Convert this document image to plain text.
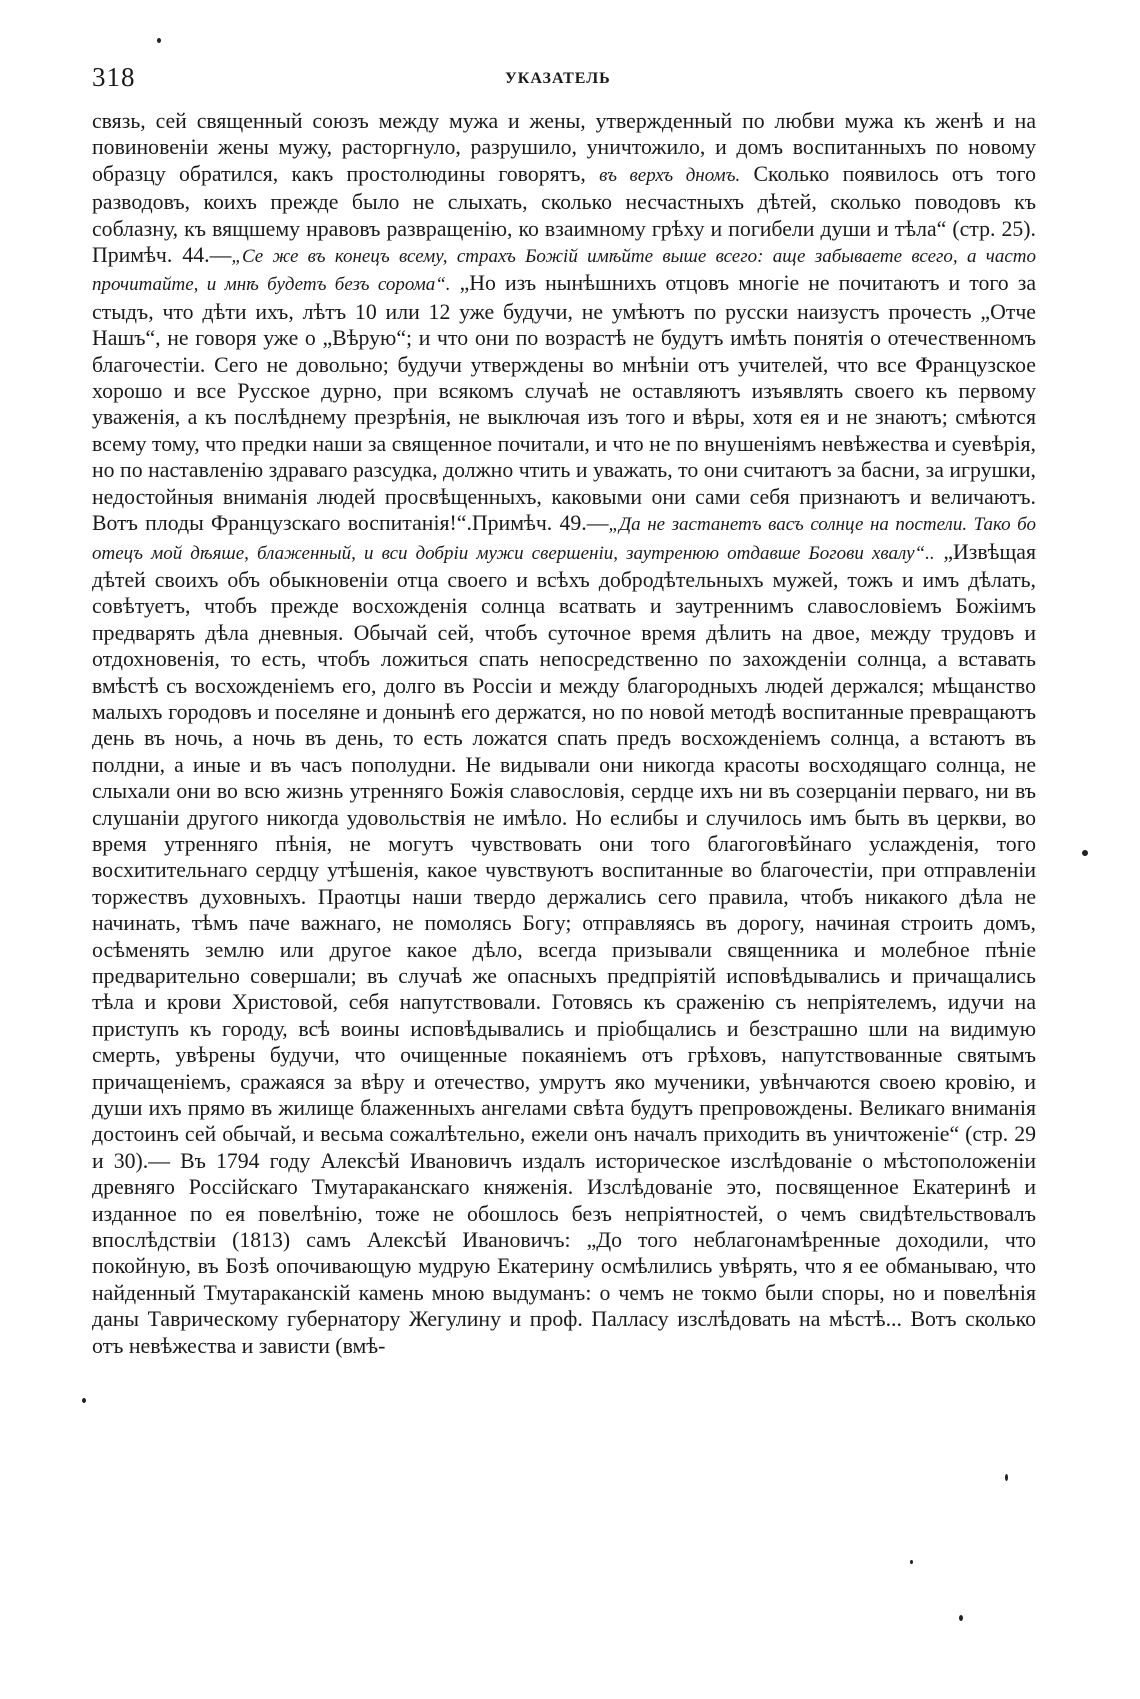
318	УКАЗАТЕЛЬ

связь, сей священный союзъ между мужа и жены, утвержденный по любви мужа къ женѣ и на повиновеніи жены мужу, расторгнуло, разрушило, уничтожило, и домъ воспитанныхъ по новому образцу обратился, какъ простолюдины говорятъ, въ верхъ дномъ. Сколько появилось отъ того разводовъ, коихъ прежде было не слыхать, сколько несчастныхъ дѣтей, сколько поводовъ къ соблазну, къ вящшему нравовъ развращенію, ко взаимному грѣху и погибели души и тѣла“ (стр. 25). Примѣч. 44.—„Се же въ конецъ всему, страхъ Божій имѣйте выше всего: аще забываете всего, а часто прочитайте, и мнѣ будетъ безъ сорома“. „Но изъ нынѣшнихъ отцовъ многіе не почитаютъ и того за стыдъ, что дѣти ихъ, лѣтъ 10 или 12 уже будучи, не умѣютъ по русски наизустъ прочесть „Отче Нашъ“, не говоря уже о „Вѣрую“; и что они по возрастѣ не будутъ имѣть понятія о отечественномъ благочестіи. Сего не довольно; будучи утверждены во мнѣніи отъ учителей, что все Французское хорошо и все Русское дурно, при всякомъ случаѣ не оставляютъ изъявлять своего къ первому уваженія, а къ послѣднему презрѣнія, не выключая изъ того и вѣры, хотя ея и не знаютъ; смѣются всему тому, что предки наши за священное почитали, и что не по внушеніямъ невѣжества и суевѣрія, но по наставленію здраваго разсудка, должно чтить и уважать, то они считаютъ за басни, за игрушки, недостойныя вниманія людей просвѣщенныхъ, каковыми они сами себя признаютъ и величаютъ. Вотъ плоды Французскаго воспитанія!“.Примѣч. 49.—„Да не застанетъ васъ солнце на постели. Тако бо отецъ мой дѣяше, блаженный, и вси добріи мужи свершеніи, заутренюю отдавше Богови хвалу“.. „Извѣщая дѣтей своихъ объ обыкновеніи отца своего и всѣхъ добродѣтельныхъ мужей, тожъ и имъ дѣлать, совѣтуетъ, чтобъ прежде восхожденія солнца всатвать и заутреннимъ славословіемъ Божіимъ предварять дѣла дневныя. Обычай сей, чтобъ суточное время дѣлить на двое, между трудовъ и отдохновенія, то есть, чтобъ ложиться спать непосредственно по захожденіи солнца, а вставать вмѣстѣ съ восхожденіемъ его, долго въ Россіи и между благородныхъ людей держался; мѣщанство малыхъ городовъ и поселяне и донынѣ его держатся, но по новой методѣ воспитанные превращаютъ день въ ночь, а ночь въ день, то есть ложатся спать предъ восхожденіемъ солнца, а встаютъ въ полдни, а иные и въ часъ пополудни. Не видывали они никогда красоты восходящаго солнца, не слыхали они во всю жизнь утренняго Божія славословія, сердце ихъ ни въ созерцаніи перваго, ни въ слушаніи другого никогда удовольствія не имѣло. Но еслибы и случилось имъ быть въ церкви, во время утренняго пѣнія, не могутъ чувствовать они того благоговѣйнаго услажденія, того восхитительнаго сердцу утѣшенія, какое чувствуютъ воспитанные во благочестіи, при отправленіи торжествъ духовныхъ. Праотцы наши твердо держались сего правила, чтобъ никакого дѣла не начинать, тѣмъ паче важнаго, не помолясь Богу; отправляясь въ дорогу, начиная строить домъ, осѣменять землю или другое какое дѣло, всегда призывали священника и молебное пѣніе предварительно совершали; въ случаѣ же опасныхъ предпріятій исповѣдывались и причащались тѣла и крови Христовой, себя напутствовали. Готовясь къ сраженію съ непріятелемъ, идучи на приступъ къ городу, всѣ воины исповѣдывались и пріобщались и безстрашно шли на видимую смерть, увѣрены будучи, что очищенные покаяніемъ отъ грѣховъ, напутствованные святымъ причащеніемъ, сражаяся за вѣру и отечество, умрутъ яко мученики, увѣнчаются своею кровію, и души ихъ прямо въ жилище блаженныхъ ангелами свѣта будутъ препровождены. Великаго вниманія достоинъ сей обычай, и весьма сожалѣтельно, ежели онъ началъ приходить въ уничтоженіе“ (стр. 29 и 30).— Въ 1794 году Алексѣй Ивановичъ издалъ историческое изслѣдованіе о мѣстоположеніи древняго Россійскаго Тмутараканскаго княженія. Изслѣдованіе это, посвященное Екатеринѣ и изданное по ея повелѣнію, тоже не обошлось безъ непріятностей, о чемъ свидѣтельствовалъ впослѣдствіи (1813) самъ Алексѣй Ивановичъ: „До того неблагонамѣренные доходили, что покойную, въ Бозѣ опочивающую мудрую Екатерину осмѣлились увѣрять, что я ее обманываю, что найденный Тмутараканскій камень мною выдуманъ: о чемъ не токмо были споры, но и повелѣнія даны Таврическому губернатору Жегулину и проф. Палласу изслѣдовать на мѣстѣ... Вотъ сколько отъ невѣжества и зависти (вмѣ-
